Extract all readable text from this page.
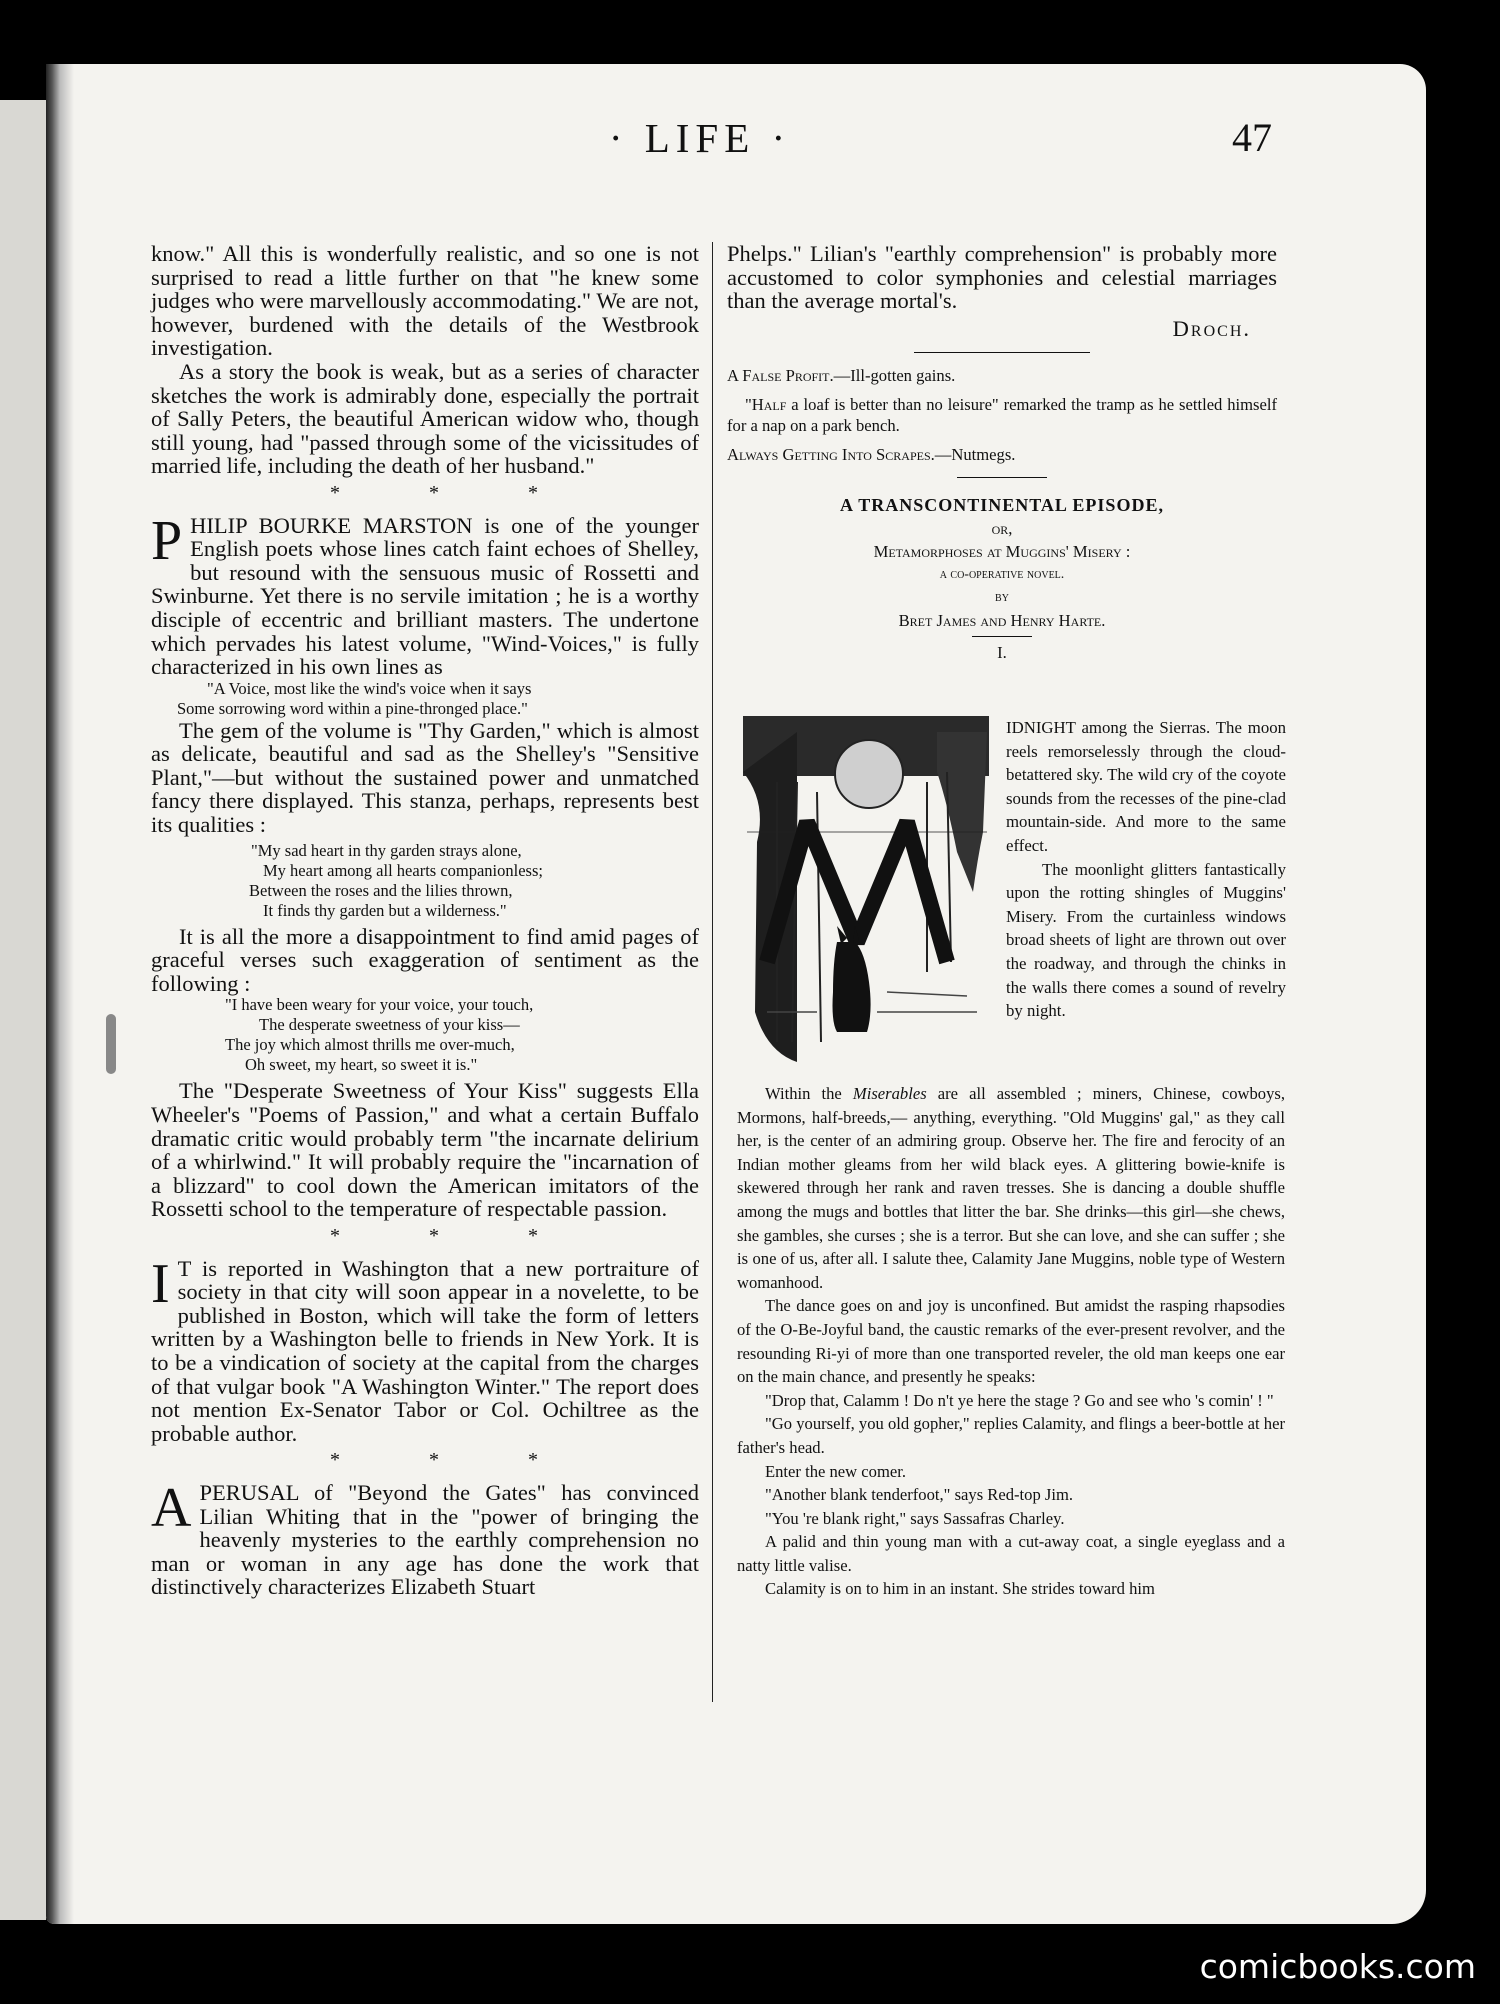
· LIFE ·	47

know." All this is wonderfully realistic, and so one is not surprised to read a little further on that "he knew some judges who were marvellously accommodating." We are not, however, burdened with the details of the Westbrook investigation.

As a story the book is weak, but as a series of character sketches the work is admirably done, especially the portrait of Sally Peters, the beautiful American widow who, though still young, had "passed through some of the vicissitudes of married life, including the death of her husband."

* * *

PHILIP BOURKE MARSTON is one of the younger English poets whose lines catch faint echoes of Shelley, but resound with the sensuous music of Rossetti and Swinburne. Yet there is no servile imitation ; he is a worthy disciple of eccentric and brilliant masters. The undertone which pervades his latest volume, "Wind-Voices," is fully characterized in his own lines as

"A Voice, most like the wind's voice when it says

Some sorrowing word within a pine-thronged place."

The gem of the volume is "Thy Garden," which is almost as delicate, beautiful and sad as the Shelley's "Sensitive Plant,"—but without the sustained power and unmatched fancy there displayed. This stanza, perhaps, represents best its qualities :

"My sad heart in thy garden strays alone,

My heart among all hearts companionless;

Between the roses and the lilies thrown,

It finds thy garden but a wilderness."

It is all the more a disappointment to find amid pages of graceful verses such exaggeration of sentiment as the following :

"I have been weary for your voice, your touch,

The desperate sweetness of your kiss—

The joy which almost thrills me over-much,

Oh sweet, my heart, so sweet it is."

The "Desperate Sweetness of Your Kiss" suggests Ella Wheeler's "Poems of Passion," and what a certain Buffalo dramatic critic would probably term "the incarnate delirium of a whirlwind." It will probably require the "incarnation of a blizzard" to cool down the American imitators of the Rossetti school to the temperature of respectable passion.

* * *

I T is reported in Washington that a new portraiture of society in that city will soon appear in a novelette, to be published in Boston, which will take the form of letters written by a Washington belle to friends in New York. It is to be a vindication of society at the capital from the charges of that vulgar book "A Washington Winter." The report does not mention Ex-Senator Tabor or Col. Ochiltree as the probable author.

* * *

APERUSAL of "Beyond the Gates" has convinced Lilian Whiting that in the "power of bringing the heavenly mysteries to the earthly comprehension no man or woman in any age has done the work that distinctively characterizes Elizabeth Stuart

Phelps." Lilian's "earthly comprehension" is probably more accustomed to color symphonies and celestial marriages than the average mortal's.

Droch.

A False Profit.—Ill-gotten gains.

"Half a loaf is better than no leisure" remarked the tramp as he settled himself for a nap on a park bench.

Always Getting Into Scrapes.—Nutmegs.

A TRANSCONTINENTAL EPISODE,
or,
Metamorphoses at Muggins' Misery :
a co-operative novel.
by
Bret James and Henry Harte.
I.

IDNIGHT among the Sierras. The moon reels remorselessly through the cloud-betattered sky. The wild cry of the coyote sounds from the recesses of the pine-clad mountain-side. And more to the same effect.

The moonlight glitters fantastically upon the rotting shingles of Muggins' Misery. From the curtainless windows broad sheets of light are thrown out over the roadway, and through the chinks in the walls there comes a sound of revelry by night.

Within the Miserables are all assembled ; miners, Chinese, cowboys, Mormons, half-breeds,— anything, everything. "Old Muggins' gal," as they call her, is the center of an admiring group. Observe her. The fire and ferocity of an Indian mother gleams from her wild black eyes. A glittering bowie-knife is skewered through her rank and raven tresses. She is dancing a double shuffle among the mugs and bottles that litter the bar. She drinks—this girl—she chews, she gambles, she curses ; she is a terror. But she can love, and she can suffer ; she is one of us, after all. I salute thee, Calamity Jane Muggins, noble type of Western womanhood.

The dance goes on and joy is unconfined. But amidst the rasping rhapsodies of the O-Be-Joyful band, the caustic remarks of the ever-present revolver, and the resounding Ri-yi of more than one transported reveler, the old man keeps one ear on the main chance, and presently he speaks:

"Drop that, Calamm ! Do n't ye here the stage ? Go and see who 's comin' ! "

"Go yourself, you old gopher," replies Calamity, and flings a beer-bottle at her father's head.

Enter the new comer.

"Another blank tenderfoot," says Red-top Jim.

"You 're blank right," says Sassafras Charley.

A palid and thin young man with a cut-away coat, a single eyeglass and a natty little valise.

Calamity is on to him in an instant. She strides toward him

comicbooks.com
